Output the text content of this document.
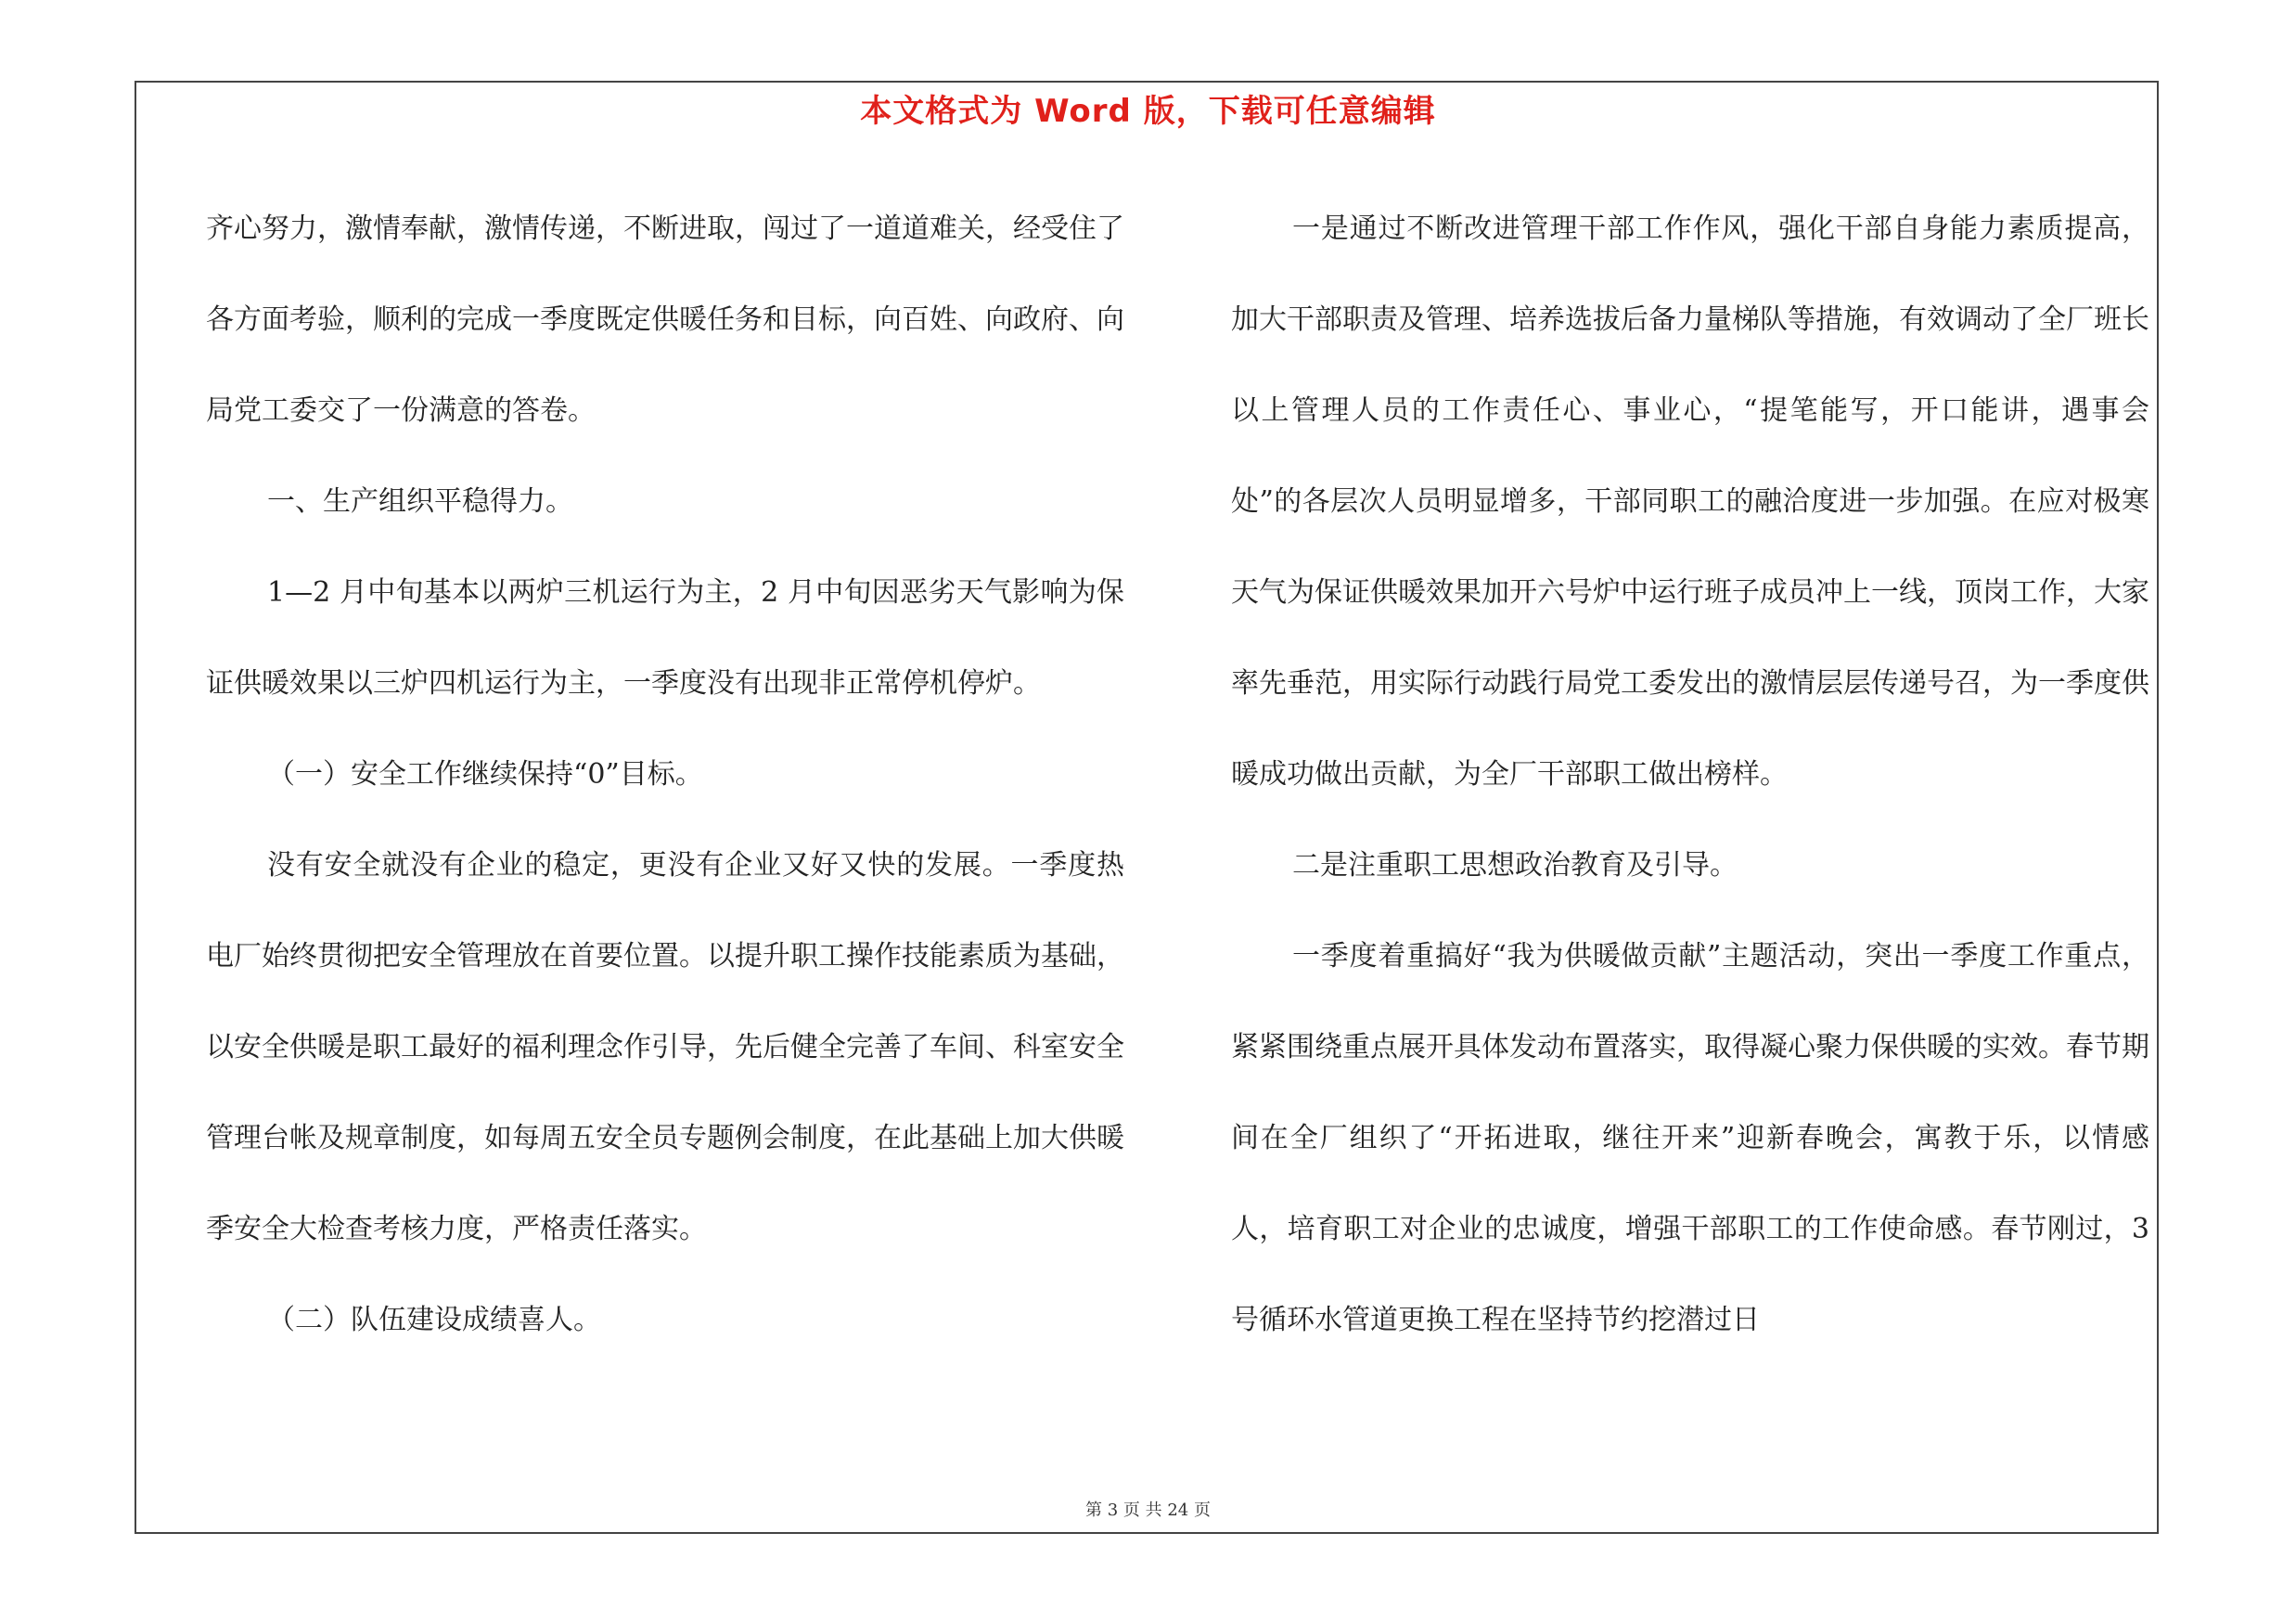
本文格式为 Word 版，下载可任意编辑

齐心努力，激情奉献，激情传递，不断进取，闯过了一道道难关，经受住了各方面考验，顺利的完成一季度既定供暖任务和目标，向百姓、向政府、向局党工委交了一份满意的答卷。

一、生产组织平稳得力。

1—2 月中旬基本以两炉三机运行为主，2 月中旬因恶劣天气影响为保证供暖效果以三炉四机运行为主，一季度没有出现非正常停机停炉。

（一）安全工作继续保持“0”目标。

没有安全就没有企业的稳定，更没有企业又好又快的发展。一季度热电厂始终贯彻把安全管理放在首要位置。以提升职工操作技能素质为基础，以安全供暖是职工最好的福利理念作引导，先后健全完善了车间、科室安全管理台帐及规章制度，如每周五安全员专题例会制度，在此基础上加大供暖季安全大检查考核力度，严格责任落实。

（二）队伍建设成绩喜人。

一是通过不断改进管理干部工作作风，强化干部自身能力素质提高，加大干部职责及管理、培养选拔后备力量梯队等措施，有效调动了全厂班长以上管理人员的工作责任心、事业心，“提笔能写，开口能讲，遇事会处”的各层次人员明显增多，干部同职工的融洽度进一步加强。在应对极寒天气为保证供暖效果加开六号炉中运行班子成员冲上一线，顶岗工作，大家率先垂范，用实际行动践行局党工委发出的激情层层传递号召，为一季度供暖成功做出贡献，为全厂干部职工做出榜样。

二是注重职工思想政治教育及引导。

一季度着重搞好“我为供暖做贡献”主题活动，突出一季度工作重点，紧紧围绕重点展开具体发动布置落实，取得凝心聚力保供暖的实效。春节期间在全厂组织了“开拓进取，继往开来”迎新春晚会，寓教于乐，以情感人，培育职工对企业的忠诚度，增强干部职工的工作使命感。春节刚过，3 号循环水管道更换工程在坚持节约挖潜过日

第 3 页 共 24 页
